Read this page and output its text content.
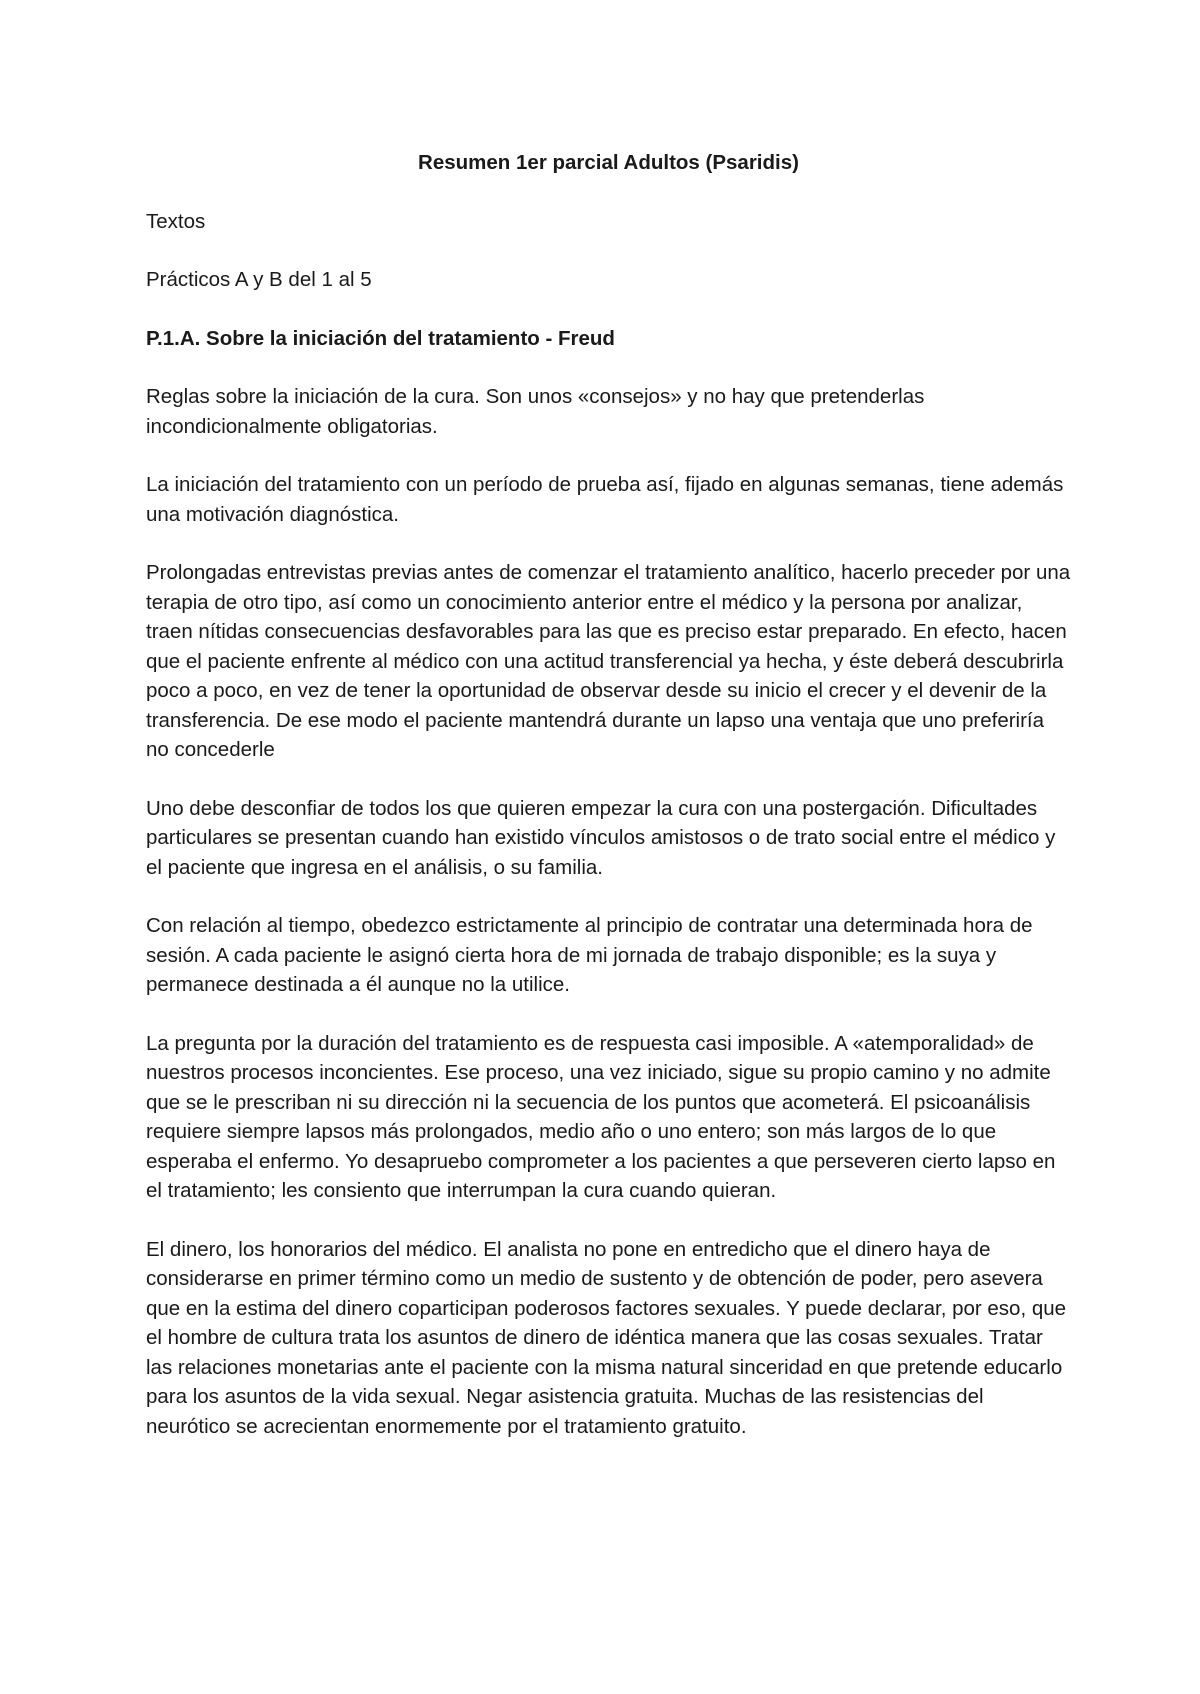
Resumen 1er parcial Adultos (Psaridis)

Textos

Prácticos A y B del 1 al 5

P.1.A. Sobre la iniciación del tratamiento - Freud

Reglas sobre la iniciación de la cura. Son unos «consejos» y no hay que pretenderlas incondicionalmente obligatorias.

La iniciación del tratamiento con un período de prueba así, fijado en algunas semanas, tiene además una motivación diagnóstica.

Prolongadas entrevistas previas antes de comenzar el tratamiento analítico, hacerlo preceder por una terapia de otro tipo, así como un conocimiento anterior entre el médico y la persona por analizar, traen nítidas consecuencias desfavorables para las que es preciso estar preparado. En efecto, hacen que el paciente enfrente al médico con una actitud transferencial ya hecha, y éste deberá descubrirla poco a poco, en vez de tener la oportunidad de observar desde su inicio el crecer y el devenir de la transferencia. De ese modo el paciente mantendrá durante un lapso una ventaja que uno preferiría no concederle

Uno debe desconfiar de todos los que quieren empezar la cura con una postergación. Dificultades particulares se presentan cuando han existido vínculos amistosos o de trato social entre el médico y el paciente que ingresa en el análisis, o su familia.

Con relación al tiempo, obedezco estrictamente al principio de contratar una determinada hora de sesión. A cada paciente le asignó cierta hora de mi jornada de trabajo disponible; es la suya y permanece destinada a él aunque no la utilice.

La pregunta por la duración del tratamiento es de respuesta casi imposible. A «atemporalidad» de nuestros procesos inconcientes. Ese proceso, una vez iniciado, sigue su propio camino y no admite que se le prescriban ni su dirección ni la secuencia de los puntos que acometerá. El psicoanálisis requiere siempre lapsos más prolongados, medio año o uno entero; son más largos de lo que esperaba el enfermo. Yo desapruebo comprometer a los pacientes a que perseveren cierto lapso en el tratamiento; les consiento que interrumpan la cura cuando quieran.

El dinero, los honorarios del médico. El analista no pone en entredicho que el dinero haya de considerarse en primer término como un medio de sustento y de obtención de poder, pero asevera que en la estima del dinero coparticipan poderosos factores sexuales. Y puede declarar, por eso, que el hombre de cultura trata los asuntos de dinero de idéntica manera que las cosas sexuales. Tratar las relaciones monetarias ante el paciente con la misma natural sinceridad en que pretende educarlo para los asuntos de la vida sexual. Negar asistencia gratuita. Muchas de las resistencias del neurótico se acrecientan enormemente por el tratamiento gratuito.
